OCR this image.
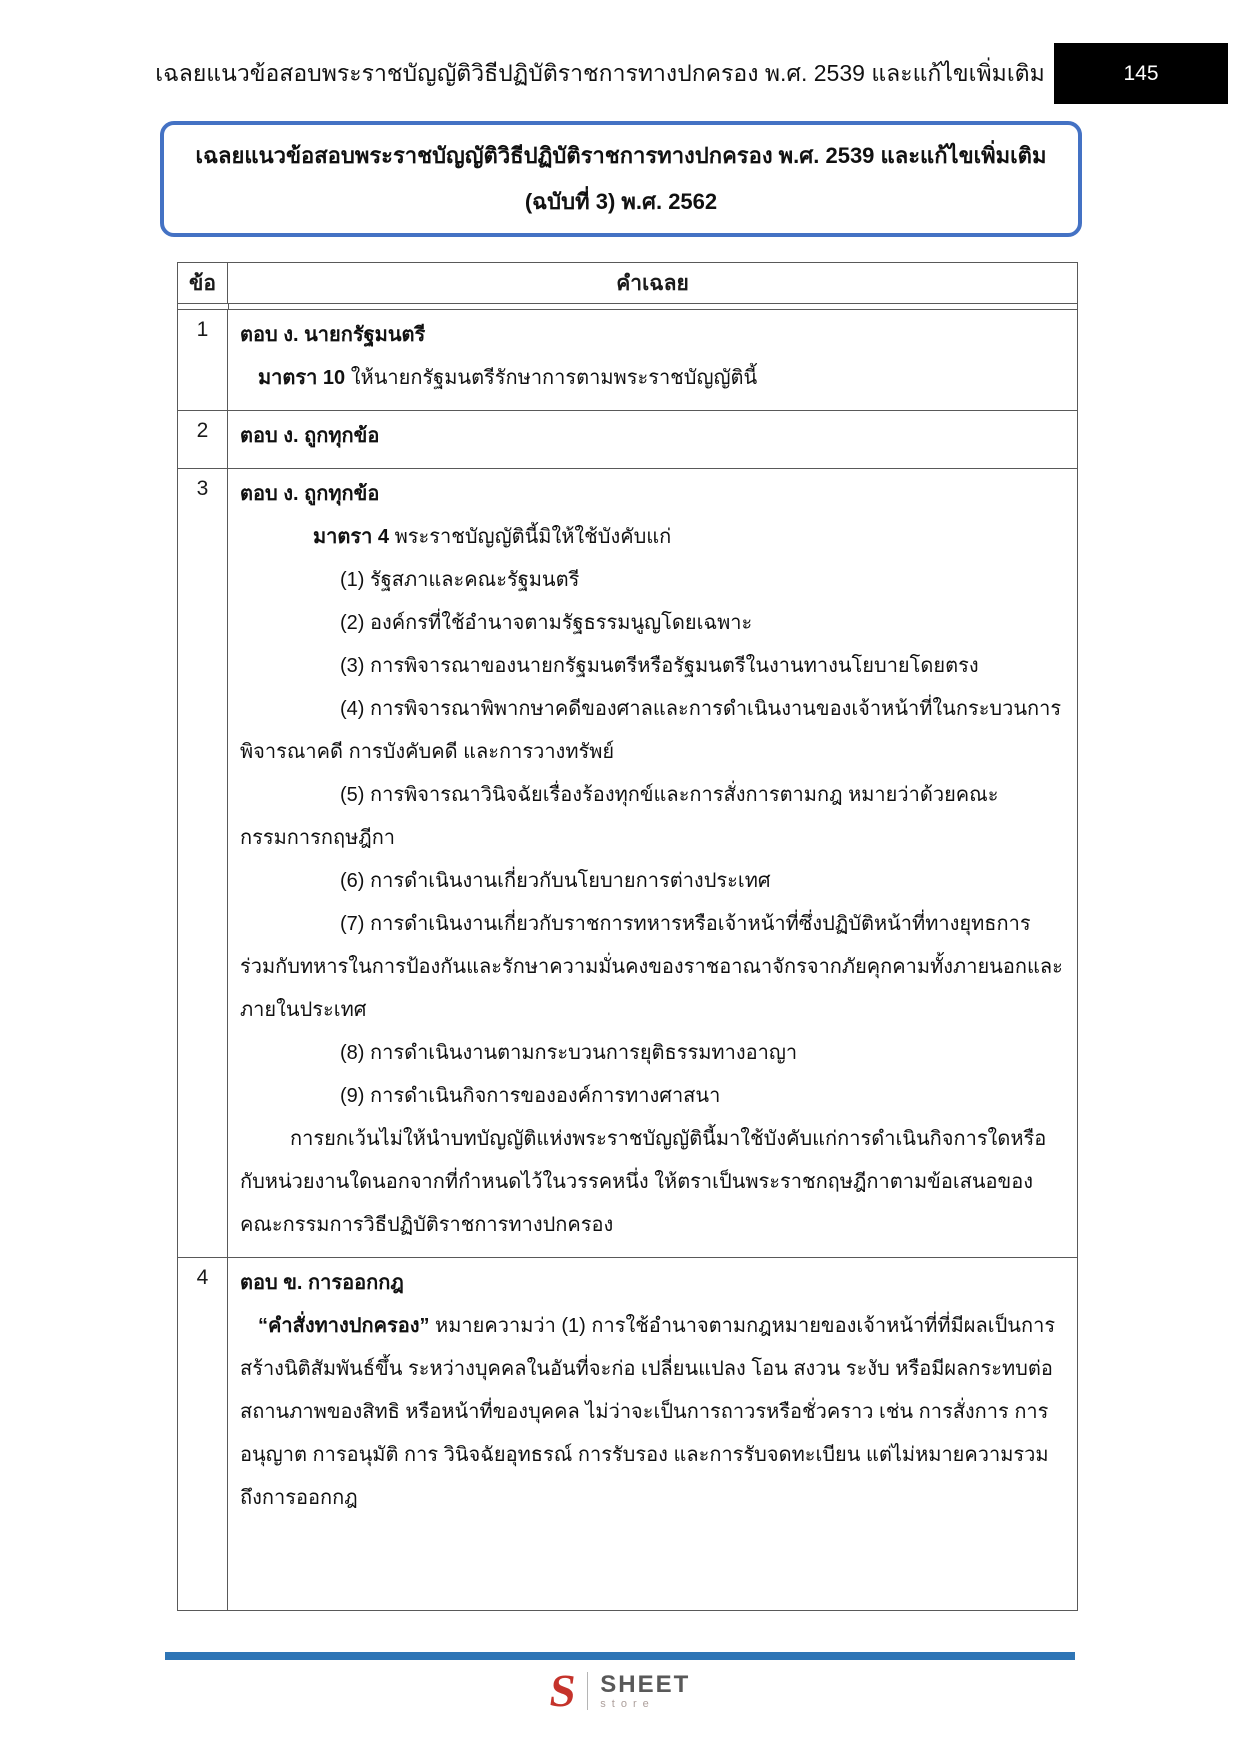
เฉลยแนวข้อสอบพระราชบัญญัติวิธีปฏิบัติราชการทางปกครอง พ.ศ. 2539 และแก้ไขเพิ่มเติม	145
เฉลยแนวข้อสอบพระราชบัญญัติวิธีปฏิบัติราชการทางปกครอง พ.ศ. 2539 และแก้ไขเพิ่มเติม (ฉบับที่ 3) พ.ศ. 2562
ข้อ	คำเฉลย
1	ตอบ ง. นายกรัฐมนตรี

มาตรา 10 ให้นายกรัฐมนตรีรักษาการตามพระราชบัญญัตินี้

2	ตอบ ง. ถูกทุกข้อ

3	ตอบ ง. ถูกทุกข้อ

มาตรา 4 พระราชบัญญัตินี้มิให้ใช้บังคับแก่

(1) รัฐสภาและคณะรัฐมนตรี

(2) องค์กรที่ใช้อำนาจตามรัฐธรรมนูญโดยเฉพาะ

(3) การพิจารณาของนายกรัฐมนตรีหรือรัฐมนตรีในงานทางนโยบายโดยตรง

(4) การพิจารณาพิพากษาคดีของศาลและการดำเนินงานของเจ้าหน้าที่ในกระบวนการพิจารณาคดี การบังคับคดี และการวางทรัพย์

(5) การพิจารณาวินิจฉัยเรื่องร้องทุกข์และการสั่งการตามกฎ หมายว่าด้วยคณะกรรมการกฤษฎีกา

(6) การดำเนินงานเกี่ยวกับนโยบายการต่างประเทศ

(7) การดำเนินงานเกี่ยวกับราชการทหารหรือเจ้าหน้าที่ซึ่งปฏิบัติหน้าที่ทางยุทธการร่วมกับทหารในการป้องกันและรักษาความมั่นคงของราชอาณาจักรจากภัยคุกคามทั้งภายนอกและภายในประเทศ

(8) การดำเนินงานตามกระบวนการยุติธรรมทางอาญา

(9) การดำเนินกิจการขององค์การทางศาสนา

การยกเว้นไม่ให้นำบทบัญญัติแห่งพระราชบัญญัตินี้มาใช้บังคับแก่การดำเนินกิจการใดหรือกับหน่วยงานใดนอกจากที่กำหนดไว้ในวรรคหนึ่ง ให้ตราเป็นพระราชกฤษฎีกาตามข้อเสนอของคณะกรรมการวิธีปฏิบัติราชการทางปกครอง

4	ตอบ ข. การออกกฎ

“คำสั่งทางปกครอง” หมายความว่า (1) การใช้อำนาจตามกฎหมายของเจ้าหน้าที่ที่มีผลเป็นการสร้างนิติสัมพันธ์ขึ้น ระหว่างบุคคลในอันที่จะก่อ เปลี่ยนแปลง โอน สงวน ระงับ หรือมีผลกระทบต่อสถานภาพของสิทธิ หรือหน้าที่ของบุคคล ไม่ว่าจะเป็นการถาวรหรือชั่วคราว เช่น การสั่งการ การอนุญาต การอนุมัติ การ วินิจฉัยอุทธรณ์ การรับรอง และการรับจดทะเบียน แต่ไม่หมายความรวมถึงการออกกฎ

S SHEET
store
